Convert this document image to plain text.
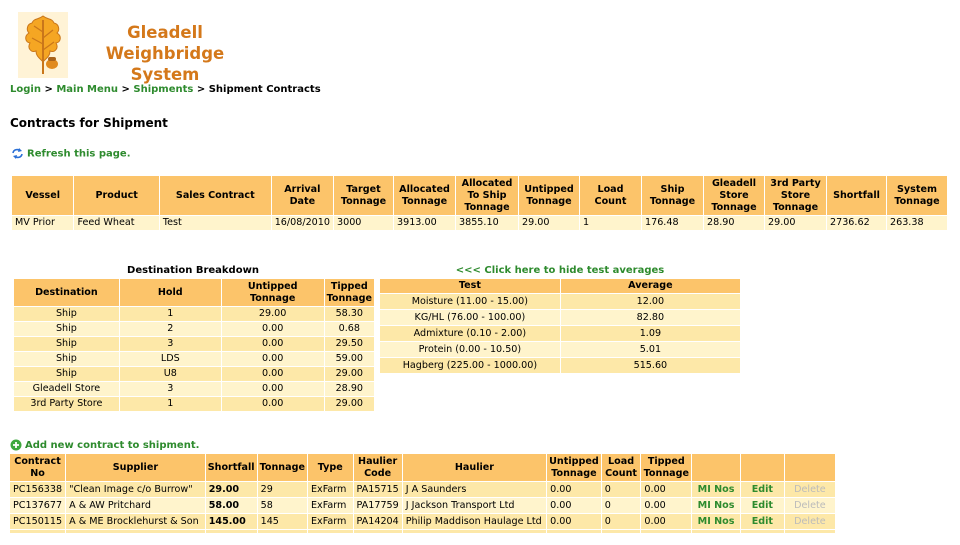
Gleadell Weighbridge System
Login > Main Menu > Shipments > Shipment Contracts
Contracts for Shipment
Refresh this page.
Vessel	Product	Sales Contract	Arrival Date	Target Tonnage	Allocated Tonnage	Allocated To Ship Tonnage	Untipped Tonnage	Load Count	Ship Tonnage	Gleadell Store Tonnage	3rd Party Store Tonnage	Shortfall	System Tonnage
MV Prior	Feed Wheat	Test	16/08/2010	3000	3913.00	3855.10	29.00	1	176.48	28.90	29.00	2736.62	263.38
Destination Breakdown
Destination	Hold	Untipped Tonnage	Tipped Tonnage
Ship	1	29.00	58.30
Ship	2	0.00	0.68
Ship	3	0.00	29.50
Ship	LDS	0.00	59.00
Ship	U8	0.00	29.00
Gleadell Store	3	0.00	28.90
3rd Party Store	1	0.00	29.00
<<< Click here to hide test averages
Test	Average
Moisture (11.00 - 15.00)	12.00
KG/HL (76.00 - 100.00)	82.80
Admixture (0.10 - 2.00)	1.09
Protein (0.00 - 10.50)	5.01
Hagberg (225.00 - 1000.00)	515.60
Add new contract to shipment.
Contract No	Supplier	Shortfall	Tonnage	Type	Haulier Code	Haulier	Untipped Tonnage	Load Count	Tipped Tonnage			
PC156338	"Clean Image c/o Burrow"	29.00	29	ExFarm	PA15715	J A Saunders	0.00	0	0.00	MI Nos	Edit	Delete
PC137677	A & AW Pritchard	58.00	58	ExFarm	PA17759	J Jackson Transport Ltd	0.00	0	0.00	MI Nos	Edit	Delete
PC150115	A & ME Brocklehurst & Son	145.00	145	ExFarm	PA14204	Philip Maddison Haulage Ltd	0.00	0	0.00	MI Nos	Edit	Delete
